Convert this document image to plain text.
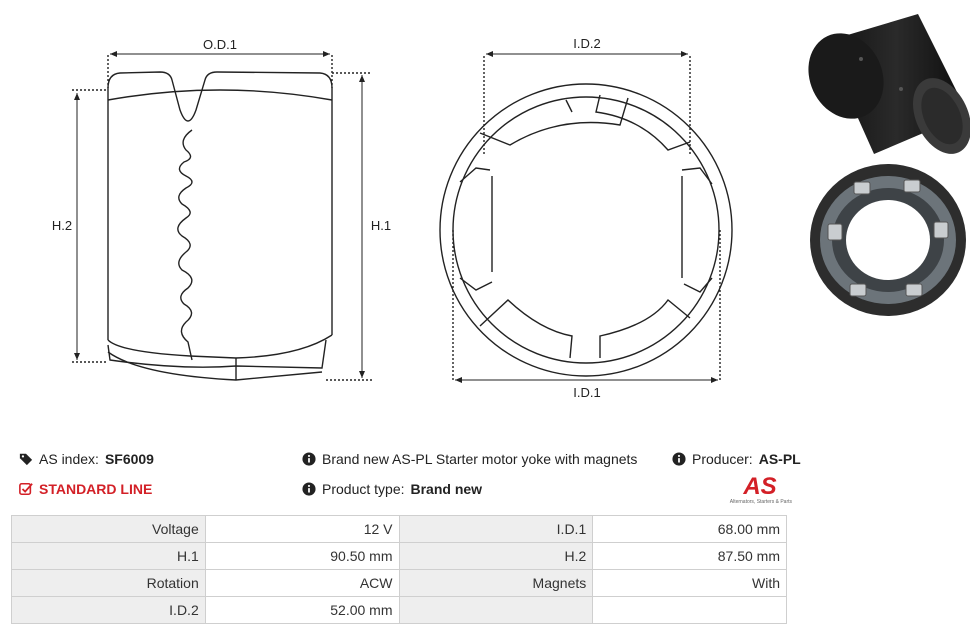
O.D.1
H.2	H.1
I.D.2
I.D.1
AS index: SF6009	Brand new AS-PL Starter motor yoke with magnets	Producer: AS-PL
STANDARD LINE	Product type: Brand new	AS
Alternators, Starters & Parts
Voltage	12 V	I.D.1	68.00 mm
H.1	90.50 mm	H.2	87.50 mm
Rotation	ACW	Magnets	With
I.D.2	52.00 mm		
